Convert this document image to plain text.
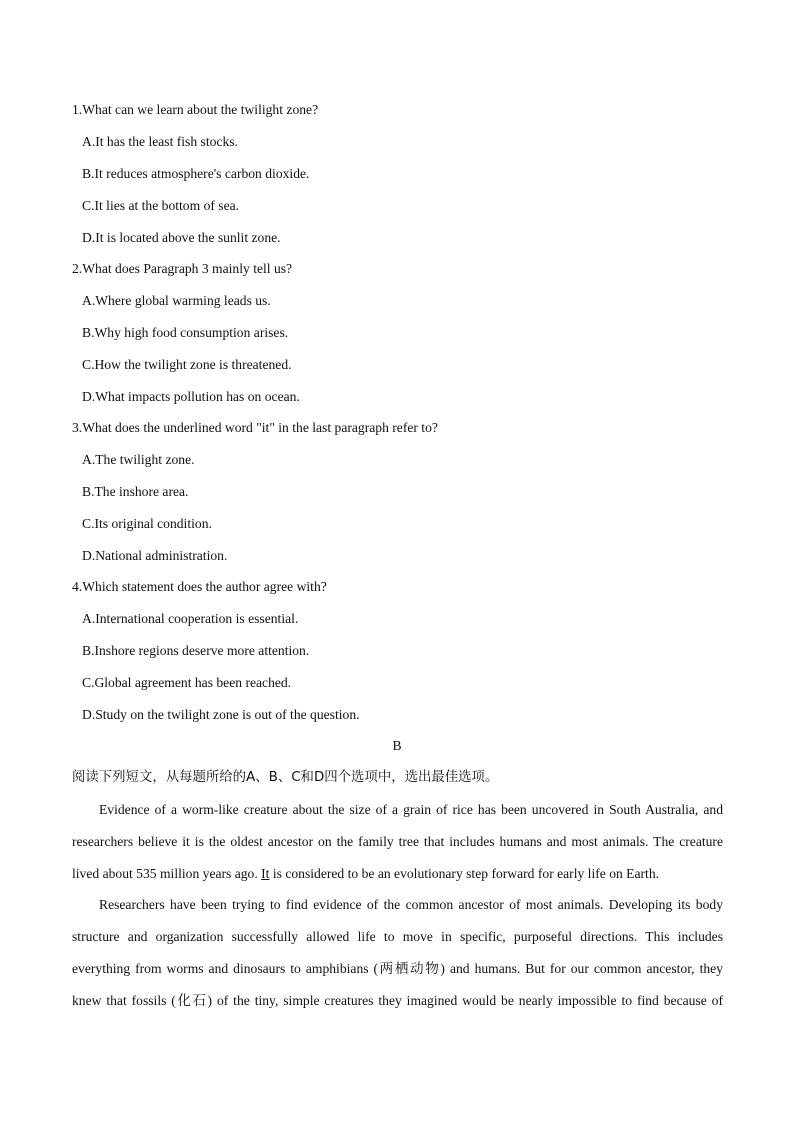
1.What can we learn about the twilight zone?
A.It has the least fish stocks.
B.It reduces atmosphere's carbon dioxide.
C.It lies at the bottom of sea.
D.It is located above the sunlit zone.
2.What does Paragraph 3 mainly tell us?
A.Where global warming leads us.
B.Why high food consumption arises.
C.How the twilight zone is threatened.
D.What impacts pollution has on ocean.
3.What does the underlined word "it" in the last paragraph refer to?
A.The twilight zone.
B.The inshore area.
C.Its original condition.
D.National administration.
4.Which statement does the author agree with?
A.International cooperation is essential.
B.Inshore regions deserve more attention.
C.Global agreement has been reached.
D.Study on the twilight zone is out of the question.
B
阅读下列短文，从每题所给的A、B、C和D四个选项中，选出最佳选项。
Evidence of a worm-like creature about the size of a grain of rice has been uncovered in South Australia, and
researchers believe it is the oldest ancestor on the family tree that includes humans and most animals. The creature
lived about 535 million years ago. It is considered to be an evolutionary step forward for early life on Earth.
Researchers have been trying to find evidence of the common ancestor of most animals. Developing its body
structure and organization successfully allowed life to move in specific, purposeful directions. This includes
everything from worms and dinosaurs to amphibians (两栖动物) and humans. But for our common ancestor, they
knew that fossils (化石) of the tiny, simple creatures they imagined would be nearly impossible to find because of
